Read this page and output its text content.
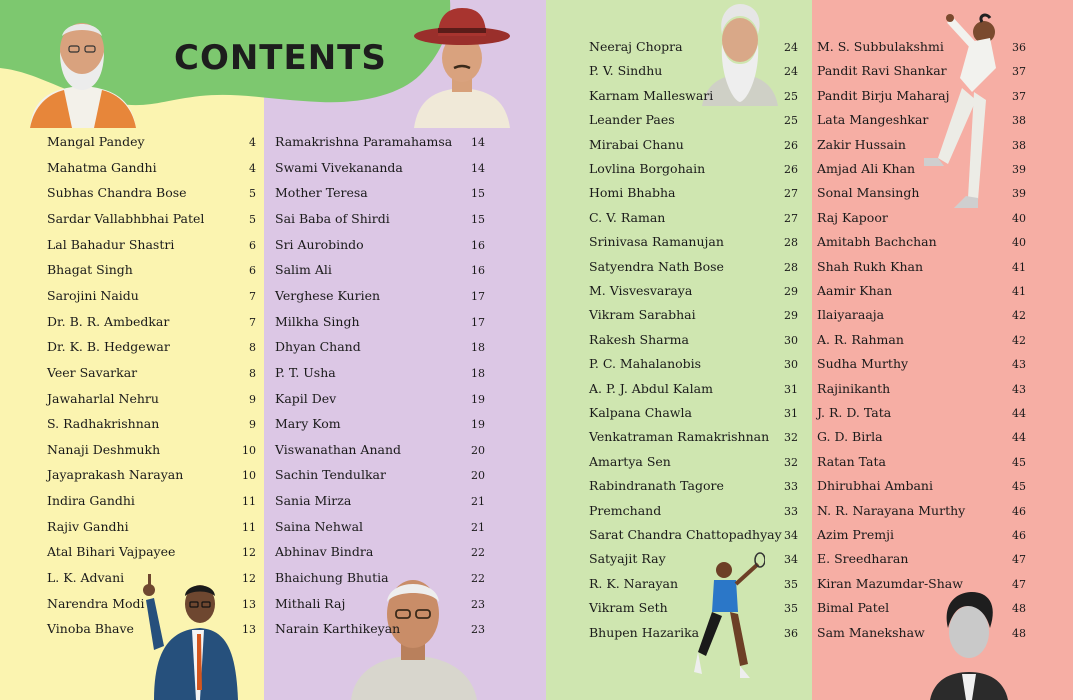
CONTENTS
Mangal Pandey	4
Mahatma Gandhi	4
Subhas Chandra Bose	5
Sardar Vallabhbhai Patel	5
Lal Bahadur Shastri	6
Bhagat Singh	6
Sarojini Naidu	7
Dr. B. R. Ambedkar	7
Dr. K. B. Hedgewar	8
Veer Savarkar	8
Jawaharlal Nehru	9
S. Radhakrishnan	9
Nanaji Deshmukh	10
Jayaprakash Narayan	10
Indira Gandhi	11
Rajiv Gandhi	11
Atal Bihari Vajpayee	12
L. K. Advani	12
Narendra Modi	13
Vinoba Bhave	13
Ramakrishna Paramahamsa 14
Swami Vivekananda	14
Mother Teresa	15
Sai Baba of Shirdi	15
Sri Aurobindo	16
Salim Ali	16
Verghese Kurien	17
Milkha Singh	17
Dhyan Chand	18
P. T. Usha	18
Kapil Dev	19
Mary Kom	19
Viswanathan Anand	20
Sachin Tendulkar	20
Sania Mirza	21
Saina Nehwal	21
Abhinav Bindra	22
Bhaichung Bhutia	22
Mithali Raj	23
Narain Karthikeyan	23
Neeraj Chopra	24
P. V. Sindhu	24
Karnam Malleswari	25
Leander Paes	25
Mirabai Chanu	26
Lovlina Borgohain	26
Homi Bhabha	27
C. V. Raman	27
Srinivasa Ramanujan	28
Satyendra Nath Bose	28
M. Visvesvaraya	29
Vikram Sarabhai	29
Rakesh Sharma	30
P. C. Mahalanobis	30
A. P. J. Abdul Kalam	31
Kalpana Chawla	31
Venkatraman Ramakrishnan 32
Amartya Sen	32
Rabindranath Tagore	33
Premchand	33
Sarat Chandra Chattopadhyay 34
Satyajit Ray	34
R. K. Narayan	35
Vikram Seth	35
Bhupen Hazarika	36
M. S. Subbulakshmi	36
Pandit Ravi Shankar	37
Pandit Birju Maharaj	37
Lata Mangeshkar	38
Zakir Hussain	38
Amjad Ali Khan	39
Sonal Mansingh	39
Raj Kapoor	40
Amitabh Bachchan	40
Shah Rukh Khan	41
Aamir Khan	41
Ilaiyaraaja	42
A. R. Rahman	42
Sudha Murthy	43
Rajinikanth	43
J. R. D. Tata	44
G. D. Birla	44
Ratan Tata	45
Dhirubhai Ambani	45
N. R. Narayana Murthy	46
Azim Premji	46
E. Sreedharan	47
Kiran Mazumdar-Shaw	47
Bimal Patel	48
Sam Manekshaw	48
